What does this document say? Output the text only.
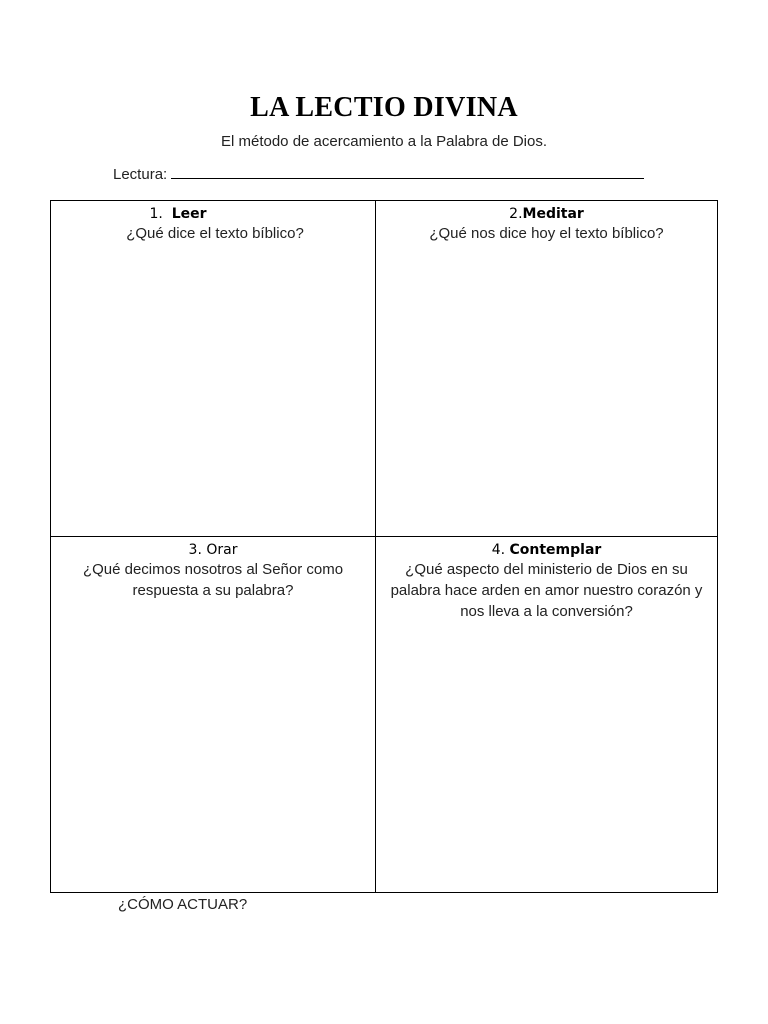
LA LECTIO DIVINA
El método de acercamiento a la Palabra de Dios.
Lectura:
1. Leer
¿Qué dice el texto bíblico?
2.Meditar
¿Qué nos dice hoy el texto bíblico?
3. Orar
¿Qué decimos nosotros al Señor como respuesta a su palabra?
4. Contemplar
¿Qué aspecto del ministerio de Dios en su palabra hace arden en amor nuestro corazón y nos lleva a la conversión?
¿CÓMO ACTUAR?
